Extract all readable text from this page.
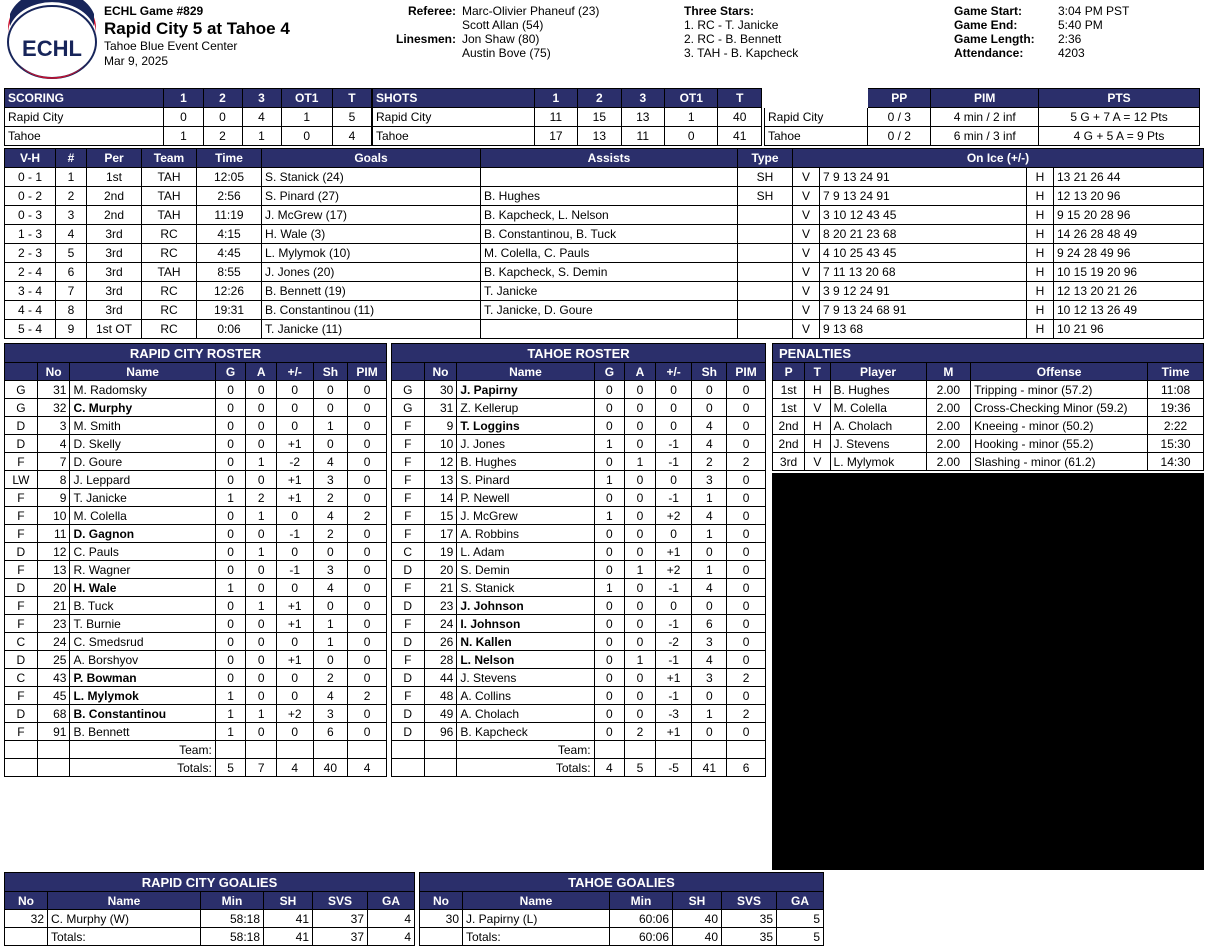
ECHL
ECHL Game #829
Rapid City 5 at Tahoe 4
Tahoe Blue Event Center
Mar 9, 2025
Referee: Marc-Olivier Phaneuf (23)
Scott Allan (54)
Linesmen: Jon Shaw (80)
Austin Bove (75)
Three Stars:
1. RC - T. Janicke
2. RC - B. Bennett
3. TAH - B. Kapcheck
Game Start:	3:04 PM PST
Game End:	5:40 PM
Game Length:	2:36
Attendance:	4203
SCORING	1	2	3	OT1	T
Rapid City	0	0	4	1	5
Tahoe	1	2	1	0	4
SHOTS	1	2	3	OT1	T
Rapid City	11	15	13	1	40
Tahoe	17	13	11	0	41
	PP	PIM	PTS
Rapid City	0 / 3	4 min / 2 inf	5 G + 7 A = 12 Pts
Tahoe	0 / 2	6 min / 3 inf	4 G + 5 A = 9 Pts
V-H	#	Per	Team	Time	Goals	Assists	Type	On Ice (+/-)			
0 - 1	1	1st	TAH	12:05	S. Stanick (24)		SH	V	7 9 13 24 91	H	13 21 26 44
0 - 2	2	2nd	TAH	2:56	S. Pinard (27)	B. Hughes	SH	V	7 9 13 24 91	H	12 13 20 96
0 - 3	3	2nd	TAH	11:19	J. McGrew (17)	B. Kapcheck, L. Nelson		V	3 10 12 43 45	H	9 15 20 28 96
1 - 3	4	3rd	RC	4:15	H. Wale (3)	B. Constantinou, B. Tuck		V	8 20 21 23 68	H	14 26 28 48 49
2 - 3	5	3rd	RC	4:45	L. Mylymok (10)	M. Colella, C. Pauls		V	4 10 25 43 45	H	9 24 28 49 96
2 - 4	6	3rd	TAH	8:55	J. Jones (20)	B. Kapcheck, S. Demin		V	7 11 13 20 68	H	10 15 19 20 96
3 - 4	7	3rd	RC	12:26	B. Bennett (19)	T. Janicke		V	3 9 12 24 91	H	12 13 20 21 26
4 - 4	8	3rd	RC	19:31	B. Constantinou (11)	T. Janicke, D. Goure		V	7 9 13 24 68 91	H	10 12 13 26 49
5 - 4	9	1st OT	RC	0:06	T. Janicke (11)			V	9 13 68	H	10 21 96
RAPID CITY ROSTER							
	No	Name	G	A	+/-	Sh	PIM
G	31	M. Radomsky	0	0	0	0	0
G	32	C. Murphy	0	0	0	0	0
D	3	M. Smith	0	0	0	1	0
D	4	D. Skelly	0	0	+1	0	0
F	7	D. Goure	0	1	-2	4	0
LW	8	J. Leppard	0	0	+1	3	0
F	9	T. Janicke	1	2	+1	2	0
F	10	M. Colella	0	1	0	4	2
F	11	D. Gagnon	0	0	-1	2	0
D	12	C. Pauls	0	1	0	0	0
F	13	R. Wagner	0	0	-1	3	0
D	20	H. Wale	1	0	0	4	0
F	21	B. Tuck	0	1	+1	0	0
F	23	T. Burnie	0	0	+1	1	0
C	24	C. Smedsrud	0	0	0	1	0
D	25	A. Borshyov	0	0	+1	0	0
C	43	P. Bowman	0	0	0	2	0
F	45	L. Mylymok	1	0	0	4	2
D	68	B. Constantinou	1	1	+2	3	0
F	91	B. Bennett	1	0	0	6	0
		Team:					
		Totals:	5	7	4	40	4
TAHOE ROSTER							
	No	Name	G	A	+/-	Sh	PIM
G	30	J. Papirny	0	0	0	0	0
G	31	Z. Kellerup	0	0	0	0	0
F	9	T. Loggins	0	0	0	4	0
F	10	J. Jones	1	0	-1	4	0
F	12	B. Hughes	0	1	-1	2	2
F	13	S. Pinard	1	0	0	3	0
F	14	P. Newell	0	0	-1	1	0
F	15	J. McGrew	1	0	+2	4	0
F	17	A. Robbins	0	0	0	1	0
C	19	L. Adam	0	0	+1	0	0
D	20	S. Demin	0	1	+2	1	0
F	21	S. Stanick	1	0	-1	4	0
D	23	J. Johnson	0	0	0	0	0
F	24	I. Johnson	0	0	-1	6	0
D	26	N. Kallen	0	0	-2	3	0
F	28	L. Nelson	0	1	-1	4	0
D	44	J. Stevens	0	0	+1	3	2
F	48	A. Collins	0	0	-1	0	0
D	49	A. Cholach	0	0	-3	1	2
D	96	B. Kapcheck	0	2	+1	0	0
		Team:					
		Totals:	4	5	-5	41	6
PENALTIES					
P	T	Player	M	Offense	Time
1st	H	B. Hughes	2.00	Tripping - minor (57.2)	11:08
1st	V	M. Colella	2.00	Cross-Checking Minor (59.2)	19:36
2nd	H	A. Cholach	2.00	Kneeing - minor (50.2)	2:22
2nd	H	J. Stevens	2.00	Hooking - minor (55.2)	15:30
3rd	V	L. Mylymok	2.00	Slashing - minor (61.2)	14:30
RAPID CITY GOALIES					
No	Name	Min	SH	SVS	GA
32	C. Murphy (W)	58:18	41	37	4
	Totals:	58:18	41	37	4
TAHOE GOALIES					
No	Name	Min	SH	SVS	GA
30	J. Papirny (L)	60:06	40	35	5
	Totals:	60:06	40	35	5
